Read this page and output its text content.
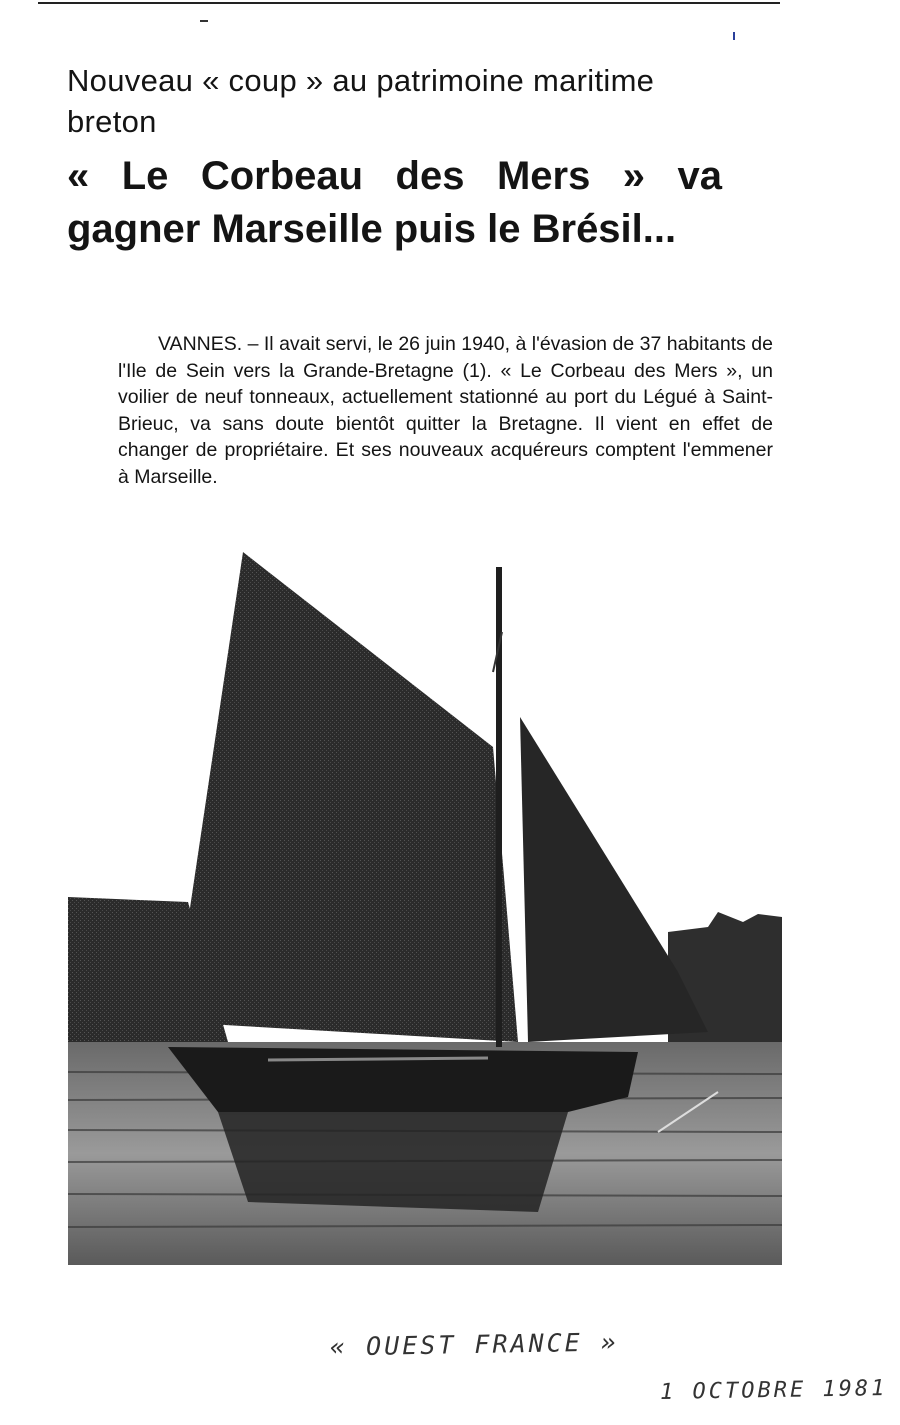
Nouveau « coup » au patrimoine maritime breton
« Le Corbeau des Mers » va gagner Marseille puis le Brésil...
VANNES. – Il avait servi, le 26 juin 1940, à l'évasion de 37 habitants de l'Ile de Sein vers la Grande-Bretagne (1). « Le Corbeau des Mers », un voilier de neuf tonneaux, actuellement stationné au port du Légué à Saint-Brieuc, va sans doute bientôt quitter la Bretagne. Il vient en effet de changer de propriétaire. Et ses nouveaux acquéreurs comptent l'emmener à Marseille.
« OUEST FRANCE »
1 OCTOBRE 1981
